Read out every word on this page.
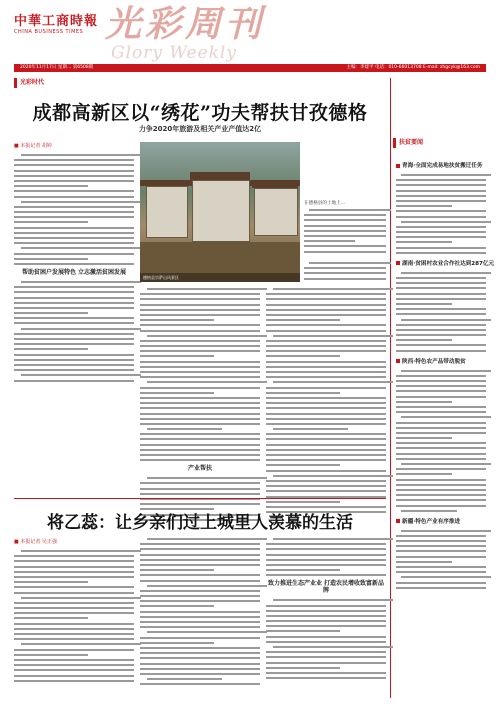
中華工商時報
CHINA BUSINESS TIMES 光彩周刊
Glory Weekly
2020年11月17日 星期二 第6508期	主编：李建平 电话：010-66013708 E-mail: zhgcyk@163.com
光彩时代
成都高新区以“绣花”功夫帮扶甘孜德格
力争2020年旅游及相关产业产值达2亿
■ 本报记者 胡婷
帮助贫困户发展特色 立志激活贫困发展
德格县宗萨山风景区
在德格县的土地上...
产业帮扶
将乙蕊：让乡亲们过上城里人羡慕的生活
■ 本报记者 吴正强
致力推进生态产业业 打造农民增收致富新品牌
扶贫要闻
青海·全面完成易地扶贫搬迁任务
湖南·贫困村农业合作社达到287亿元
陕西·特色农产品带动脱贫
新疆·特色产业有序推进
